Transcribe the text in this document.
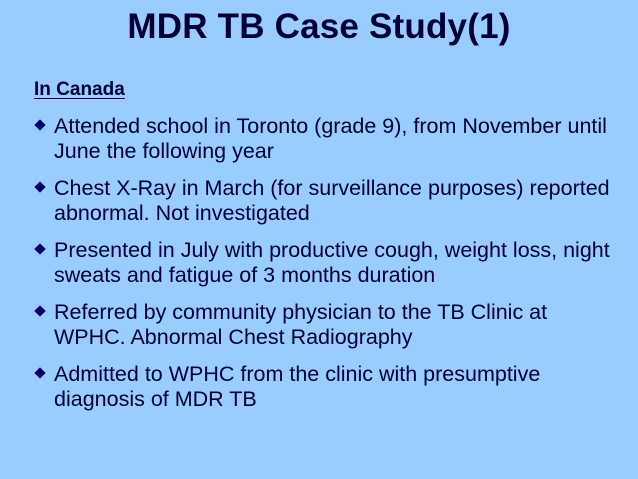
MDR TB Case Study(1)
In Canada
Attended school in Toronto (grade 9), from November until June the following year
Chest X-Ray in March (for surveillance purposes) reported abnormal. Not investigated
Presented in July with productive cough, weight loss, night sweats and fatigue of 3 months duration
Referred by community physician to the TB Clinic at WPHC. Abnormal Chest Radiography
Admitted to WPHC from the clinic with presumptive diagnosis of MDR TB
